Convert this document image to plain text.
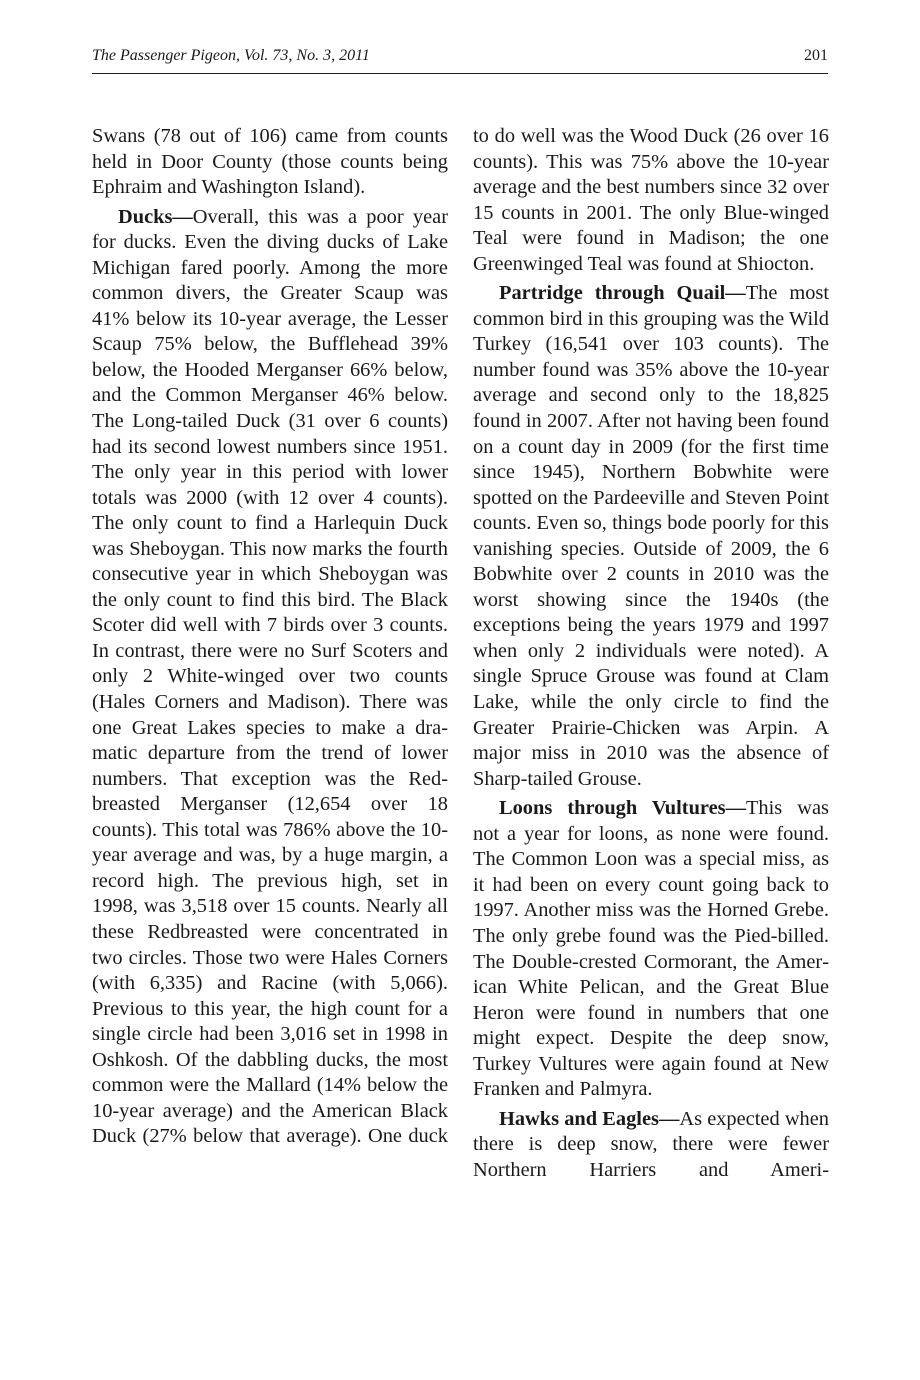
The Passenger Pigeon, Vol. 73, No. 3, 2011	201

Swans (78 out of 106) came from counts held in Door County (those counts being Ephraim and Washington Island).

Ducks—Overall, this was a poor year for ducks. Even the diving ducks of Lake Michigan fared poorly. Among the more common divers, the Greater Scaup was 41% below its 10-year average, the Lesser Scaup 75% below, the Bufflehead 39% below, the Hooded Merganser 66% below, and the Common Merganser 46% below. The Long-tailed Duck (31 over 6 counts) had its second lowest numbers since 1951. The only year in this period with lower totals was 2000 (with 12 over 4 counts). The only count to find a Harlequin Duck was Sheboygan. This now marks the fourth consecutive year in which Sheboygan was the only count to find this bird. The Black Scoter did well with 7 birds over 3 counts. In contrast, there were no Surf Scoters and only 2 White-winged over two counts (Hales Corners and Madison). There was one Great Lakes species to make a dramatic departure from the trend of lower numbers. That exception was the Red-breasted Merganser (12,654 over 18 counts). This total was 786% above the 10-year average and was, by a huge margin, a record high. The previous high, set in 1998, was 3,518 over 15 counts. Nearly all these Redbreasted were concentrated in two circles. Those two were Hales Corners (with 6,335) and Racine (with 5,066). Previous to this year, the high count for a single circle had been 3,016 set in 1998 in Oshkosh. Of the dabbling ducks, the most common were the Mallard (14% below the 10-year average) and the American Black Duck (27% below that average). One duck

to do well was the Wood Duck (26 over 16 counts). This was 75% above the 10-year average and the best numbers since 32 over 15 counts in 2001. The only Blue-winged Teal were found in Madison; the one Greenwinged Teal was found at Shiocton.

Partridge through Quail—The most common bird in this grouping was the Wild Turkey (16,541 over 103 counts). The number found was 35% above the 10-year average and second only to the 18,825 found in 2007. After not having been found on a count day in 2009 (for the first time since 1945), Northern Bobwhite were spotted on the Pardeeville and Steven Point counts. Even so, things bode poorly for this vanishing species. Outside of 2009, the 6 Bobwhite over 2 counts in 2010 was the worst showing since the 1940s (the exceptions being the years 1979 and 1997 when only 2 individuals were noted). A single Spruce Grouse was found at Clam Lake, while the only circle to find the Greater Prairie-Chicken was Arpin. A major miss in 2010 was the absence of Sharp-tailed Grouse.

Loons through Vultures—This was not a year for loons, as none were found. The Common Loon was a special miss, as it had been on every count going back to 1997. Another miss was the Horned Grebe. The only grebe found was the Pied-billed. The Double-crested Cormorant, the American White Pelican, and the Great Blue Heron were found in numbers that one might expect. Despite the deep snow, Turkey Vultures were again found at New Franken and Palmyra.

Hawks and Eagles—As expected when there is deep snow, there were fewer Northern Harriers and Ameri-
